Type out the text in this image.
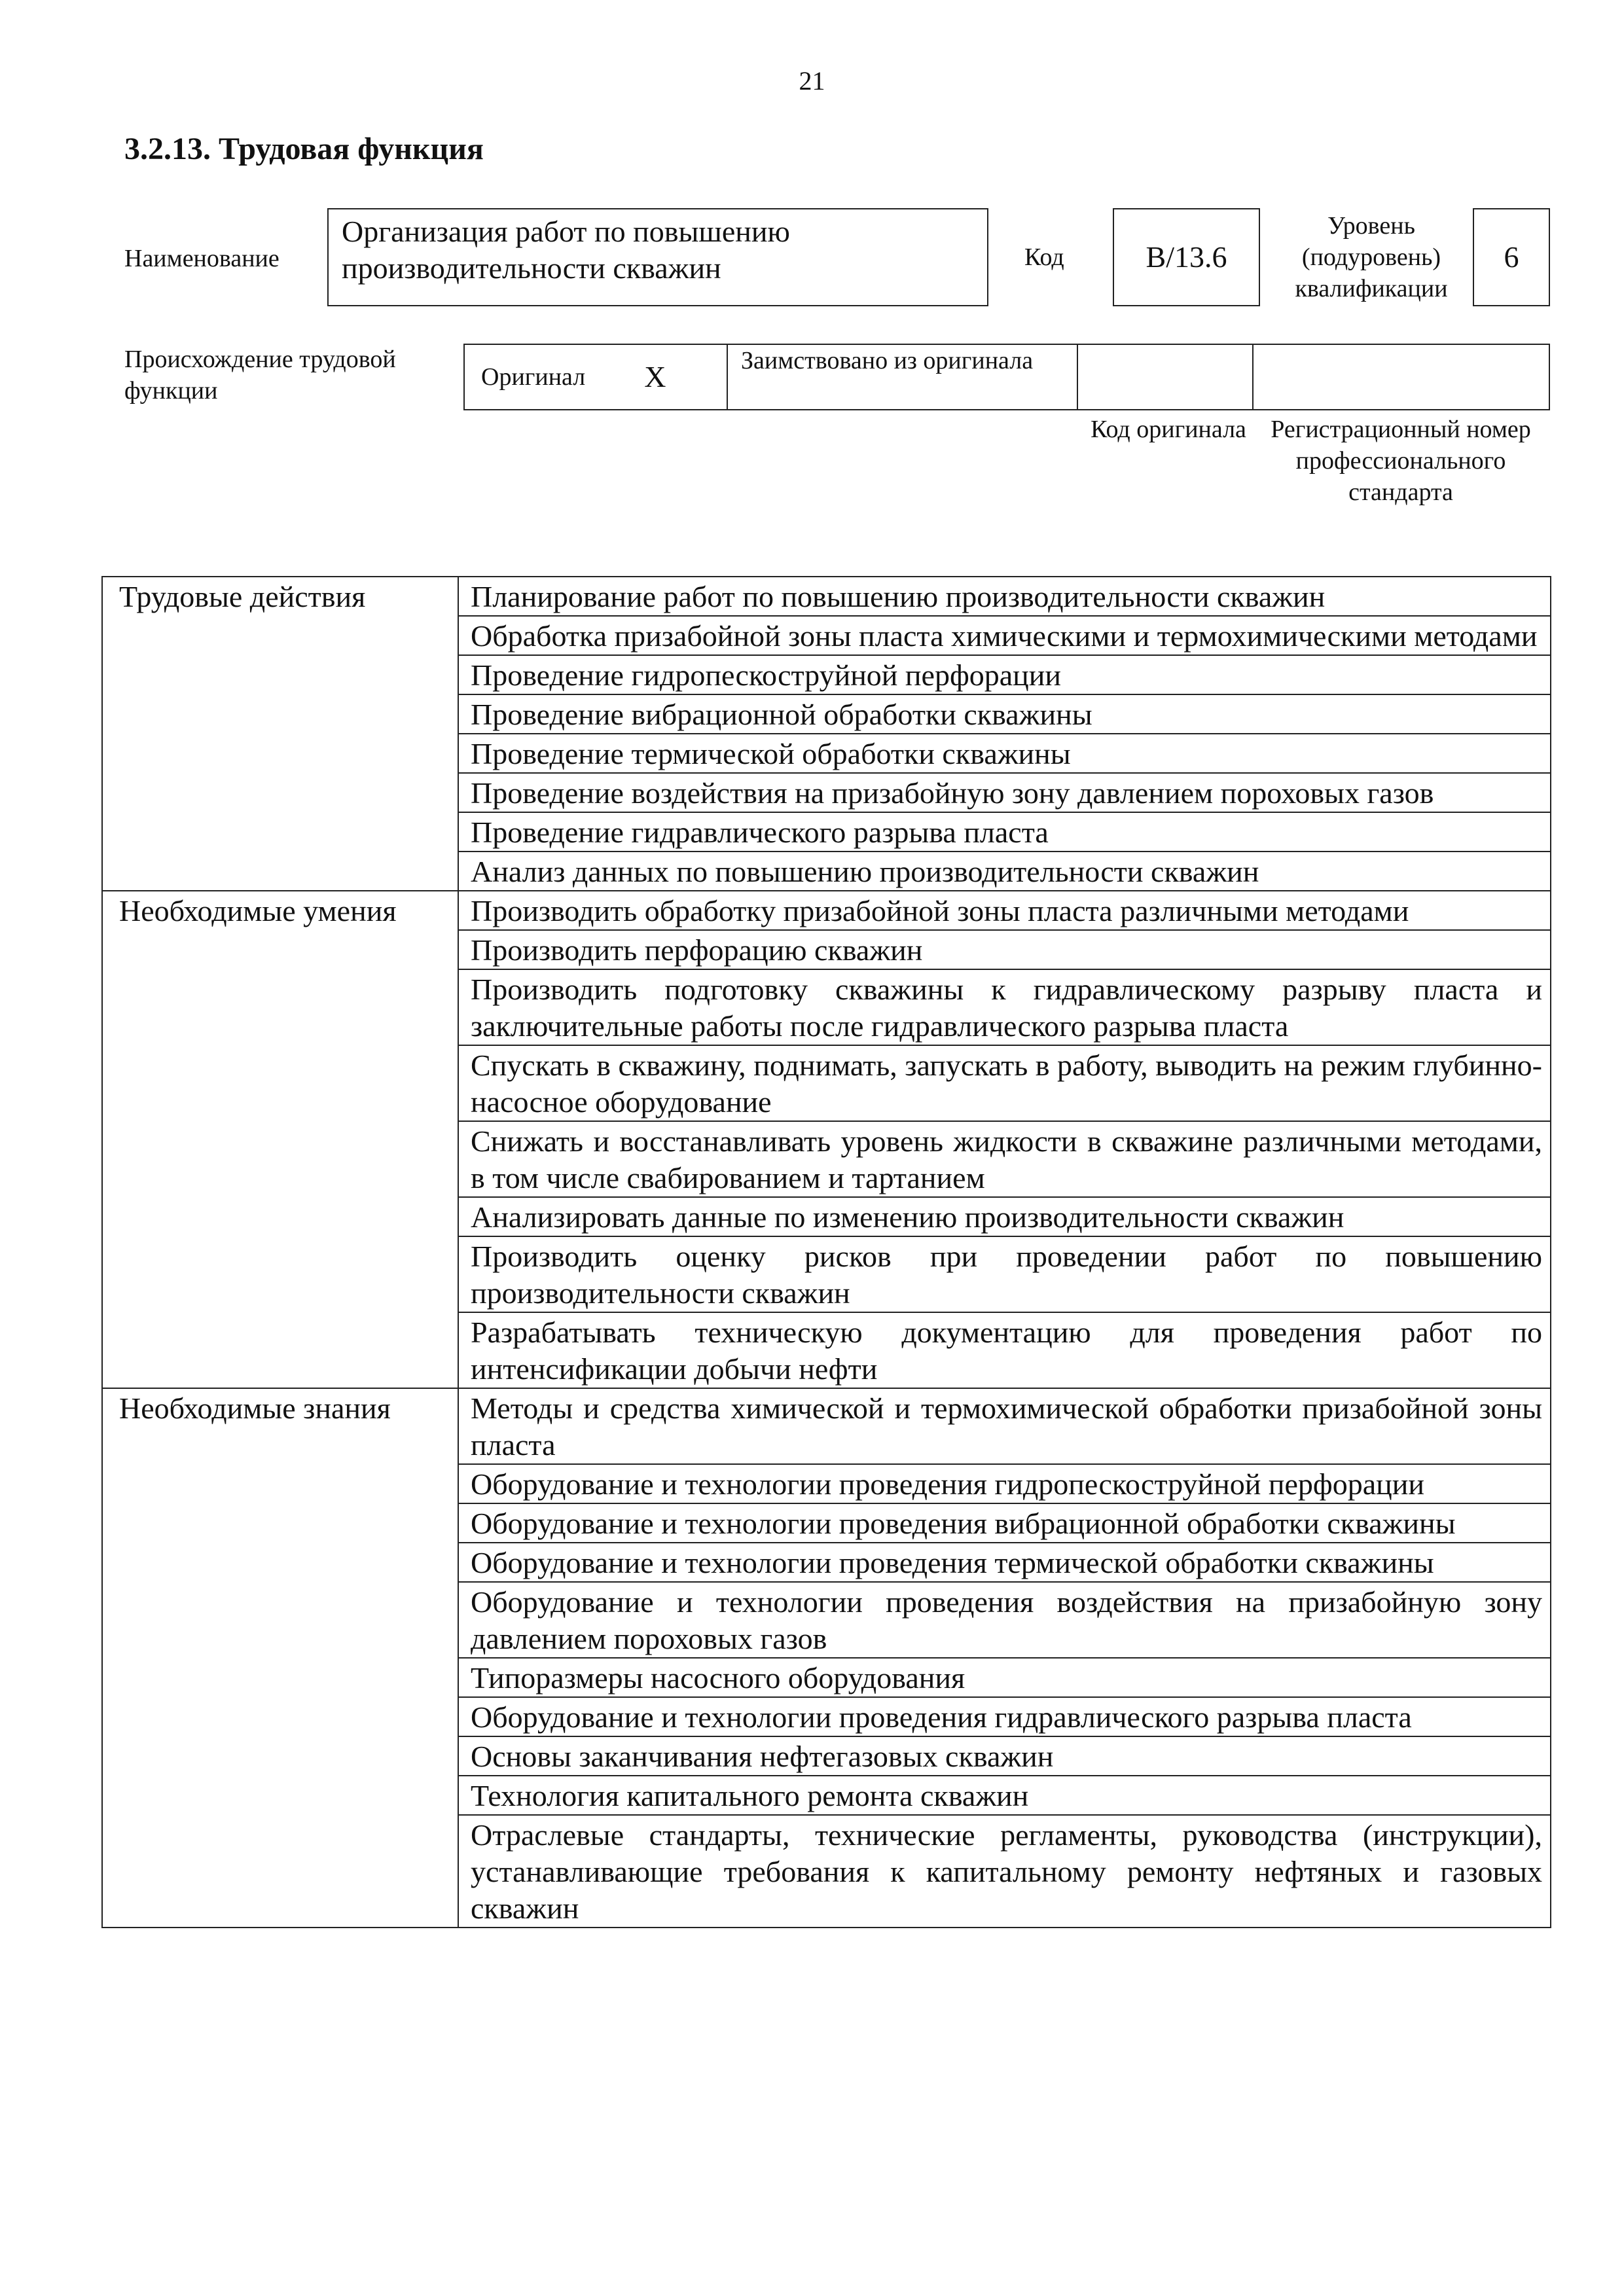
21
3.2.13. Трудовая функция
Наименование
Организация работ по повышению производительности скважин	Код	B/13.6
Уровень (подуровень) квалификации
6
Происхождение трудовой функции	Оригинал X	Заимствовано из оригинала
Код оригинала Регистрационный номер профессионального стандарта
Трудовые действия	Планирование работ по повышению производительности скважин
	Обработка призабойной зоны пласта химическими и термохимическими методами
	Проведение гидропескоструйной перфорации
	Проведение вибрационной обработки скважины
	Проведение термической обработки скважины
	Проведение воздействия на призабойную зону давлением пороховых газов
	Проведение гидравлического разрыва пласта
	Анализ данных по повышению производительности скважин
Необходимые умения	Производить обработку призабойной зоны пласта различными методами
	Производить перфорацию скважин
	Производить подготовку скважины к гидравлическому разрыву пласта и заключительные работы после гидравлического разрыва пласта
	Спускать в скважину, поднимать, запускать в работу, выводить на режим глубинно-насосное оборудование
	Снижать и восстанавливать уровень жидкости в скважине различными методами, в том числе свабированием и тартанием
	Анализировать данные по изменению производительности скважин
	Производить оценку рисков при проведении работ по повышению производительности скважин
	Разрабатывать техническую документацию для проведения работ по интенсификации добычи нефти
Необходимые знания	Методы и средства химической и термохимической обработки призабойной зоны пласта
	Оборудование и технологии проведения гидропескоструйной перфорации
	Оборудование и технологии проведения вибрационной обработки скважины
	Оборудование и технологии проведения термической обработки скважины
	Оборудование и технологии проведения воздействия на призабойную зону давлением пороховых газов
	Типоразмеры насосного оборудования
	Оборудование и технологии проведения гидравлического разрыва пласта
	Основы заканчивания нефтегазовых скважин
	Технология капитального ремонта скважин
	Отраслевые стандарты, технические регламенты, руководства (инструкции), устанавливающие требования к капитальному ремонту нефтяных и газовых скважин
